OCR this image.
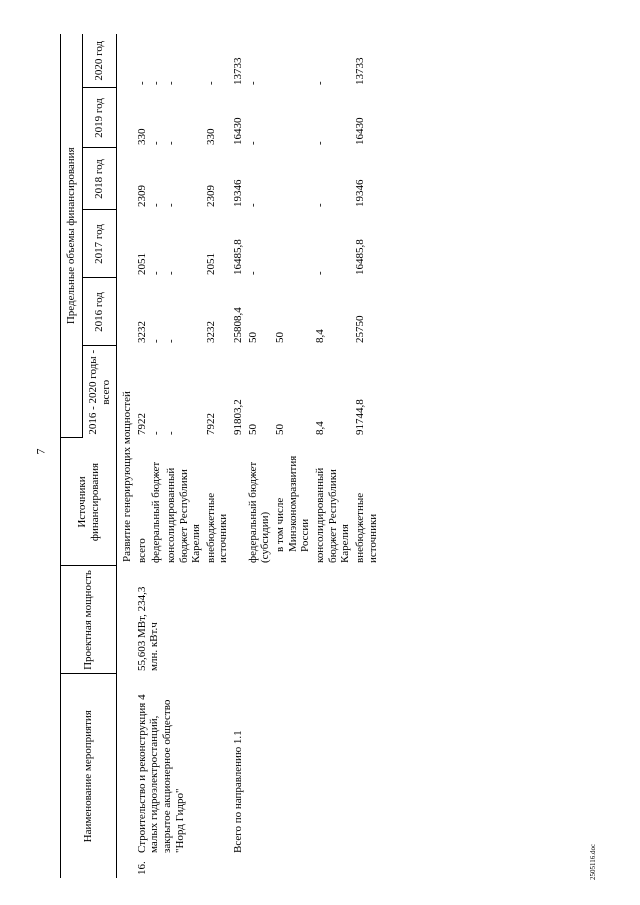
7
2505116.doc
Наименование мероприятия		Проектная мощность	Источники финансирования	Предельные объемы финансирования					
				2016 - 2020 годы - всего	2016 год	2017 год	2018 год	2019 год	2020 год
			Развитие генерирующих мощностей						
16.	Строительство и реконструкция 4 малых гидроэлектростанций, закрытое акционерное общество "Норд Гидро"	55,603 МВт, 234,3 млн. кВт.ч	всего	7922	3232	2051	2309	330	-
			федеральный бюджет	-	-	-	-	-	-
			консолидированный бюджет Республики Карелия	-	-	-	-	-	-
			внебюджетные источники	7922	3232	2051	2309	330	-
	Всего по направлению 1.1			91803,2	25808,4	16485,8	19346	16430	13733
			федеральный бюджет (субсидии)	50	50	-	-	-	-
			в том числе Минэкономразвития России	50	50				
			консолидированный бюджет Республики Карелия	8,4	8,4	-	-	-	-
			внебюджетные источники	91744,8	25750	16485,8	19346	16430	13733
